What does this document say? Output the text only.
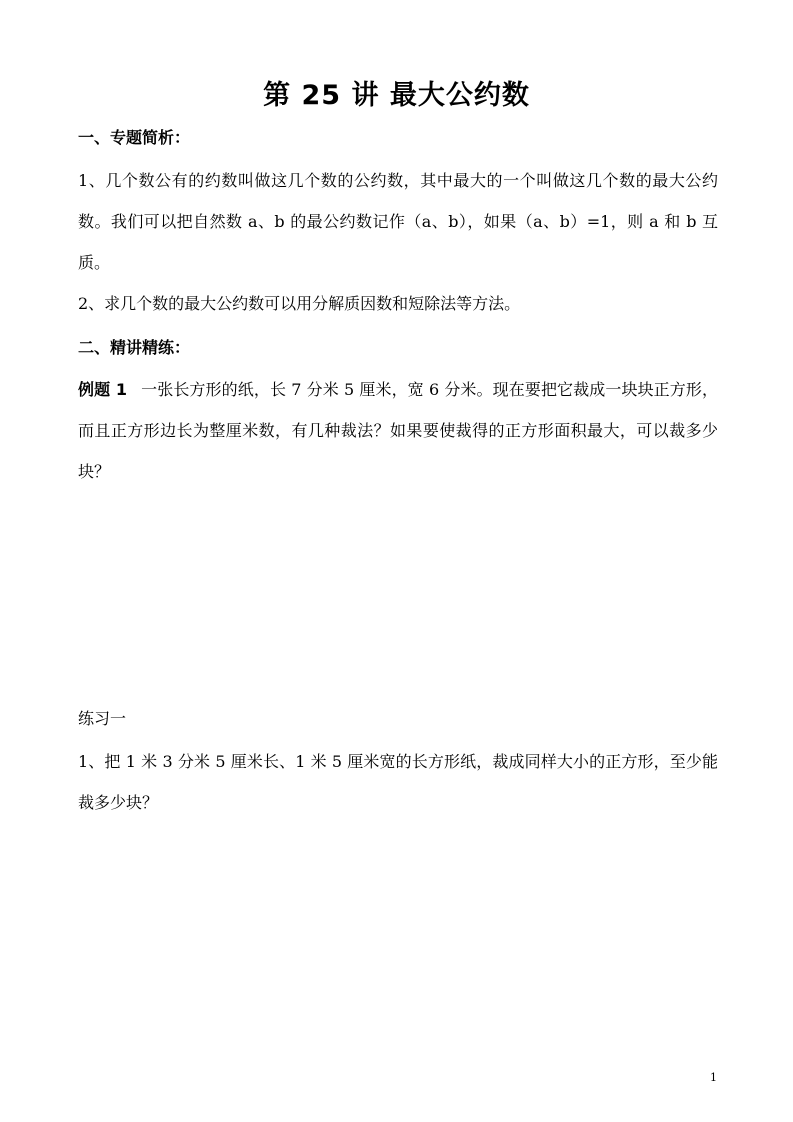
第 25 讲 最大公约数
一、专题简析：
1、几个数公有的约数叫做这几个数的公约数，其中最大的一个叫做这几个数的最大公约数。我们可以把自然数 a、b 的最公约数记作（a、b），如果（a、b）=1，则 a 和 b 互质。
2、求几个数的最大公约数可以用分解质因数和短除法等方法。
二、精讲精练：
例题 1 一张长方形的纸，长 7 分米 5 厘米，宽 6 分米。现在要把它裁成一块块正方形，而且正方形边长为整厘米数，有几种裁法？如果要使裁得的正方形面积最大，可以裁多少块？
练习一
1、把 1 米 3 分米 5 厘米长、1 米 5 厘米宽的长方形纸，裁成同样大小的正方形，至少能裁多少块？
1
